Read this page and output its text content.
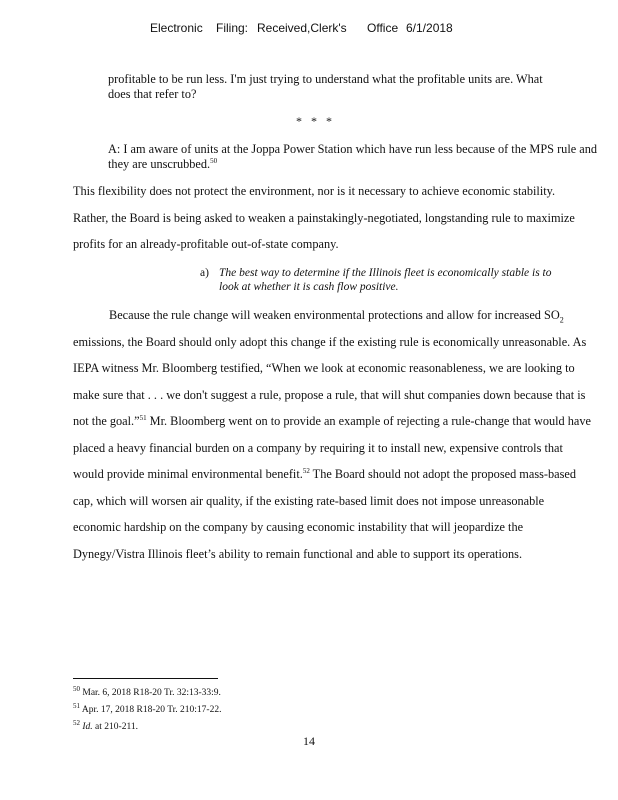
Electronic Filing: Received,Clerk's Office 6/1/2018
profitable to be run less. I'm just trying to understand what the profitable units are. What does that refer to?
* * *
A: I am aware of units at the Joppa Power Station which have run less because of the MPS rule and they are unscrubbed.$^{50}$
This flexibility does not protect the environment, nor is it necessary to achieve economic stability. Rather, the Board is being asked to weaken a painstakingly-negotiated, longstanding rule to maximize profits for an already-profitable out-of-state company.
a) The best way to determine if the Illinois fleet is economically stable is to look at whether it is cash flow positive.
Because the rule change will weaken environmental protections and allow for increased $SO_2$ emissions, the Board should only adopt this change if the existing rule is economically unreasonable. As IEPA witness Mr. Bloomberg testified, “When we look at economic reasonableness, we are looking to make sure that . . . we don't suggest a rule, propose a rule, that will shut companies down because that is not the goal.”$^{51}$ Mr. Bloomberg went on to provide an example of rejecting a rule-change that would have placed a heavy financial burden on a company by requiring it to install new, expensive controls that would provide minimal environmental benefit.$^{52}$ The Board should not adopt the proposed mass-based cap, which will worsen air quality, if the existing rate-based limit does not impose unreasonable economic hardship on the company by causing economic instability that will jeopardize the Dynegy/Vistra Illinois fleet’s ability to remain functional and able to support its operations.
$^{50}$ Mar. 6, 2018 R18-20 Tr. 32:13-33:9.
$^{51}$ Apr. 17, 2018 R18-20 Tr. 210:17-22.
$^{52}$ Id. at 210-211.
14
